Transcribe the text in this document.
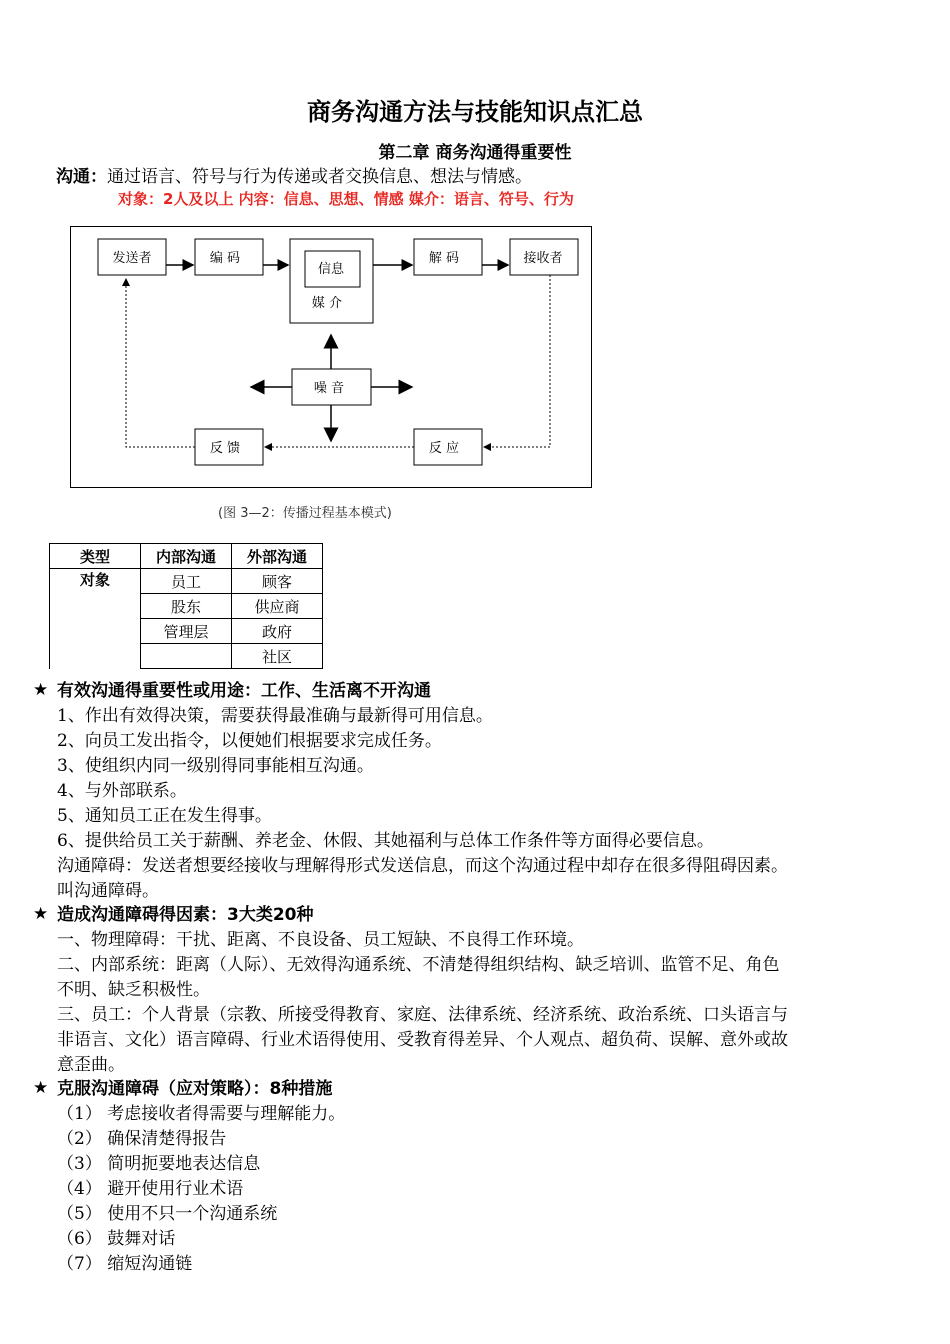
商务沟通方法与技能知识点汇总
第二章 商务沟通得重要性
沟通：通过语言、符号与行为传递或者交换信息、想法与情感。
对象：2人及以上 内容：信息、思想、情感 媒介：语言、符号、行为
发送者	编 码
信息
媒 介
解 码	接收者
噪 音
反 馈	反 应
(图 3—2：传播过程基本模式)
类型	内部沟通	外部沟通
对象	员工	顾客
	股东	供应商
	管理层	政府
		社区
★ 有效沟通得重要性或用途：工作、生活离不开沟通
1、作出有效得决策，需要获得最准确与最新得可用信息。
2、向员工发出指令，以便她们根据要求完成任务。
3、使组织内同一级别得同事能相互沟通。
4、与外部联系。
5、通知员工正在发生得事。
6、提供给员工关于薪酬、养老金、休假、其她福利与总体工作条件等方面得必要信息。
沟通障碍：发送者想要经接收与理解得形式发送信息，而这个沟通过程中却存在很多得阻碍因素。
叫沟通障碍。
★ 造成沟通障碍得因素：3大类20种
一、物理障碍：干扰、距离、不良设备、员工短缺、不良得工作环境。
二、内部系统：距离（人际）、无效得沟通系统、不清楚得组织结构、缺乏培训、监管不足、角色
不明、缺乏积极性。
三、员工：个人背景（宗教、所接受得教育、家庭、法律系统、经济系统、政治系统、口头语言与
非语言、文化）语言障碍、行业术语得使用、受教育得差异、个人观点、超负荷、误解、意外或故
意歪曲。
★ 克服沟通障碍（应对策略）：8种措施
（1） 考虑接收者得需要与理解能力。
（2） 确保清楚得报告
（3） 简明扼要地表达信息
（4） 避开使用行业术语
（5） 使用不只一个沟通系统
（6） 鼓舞对话
（7） 缩短沟通链
